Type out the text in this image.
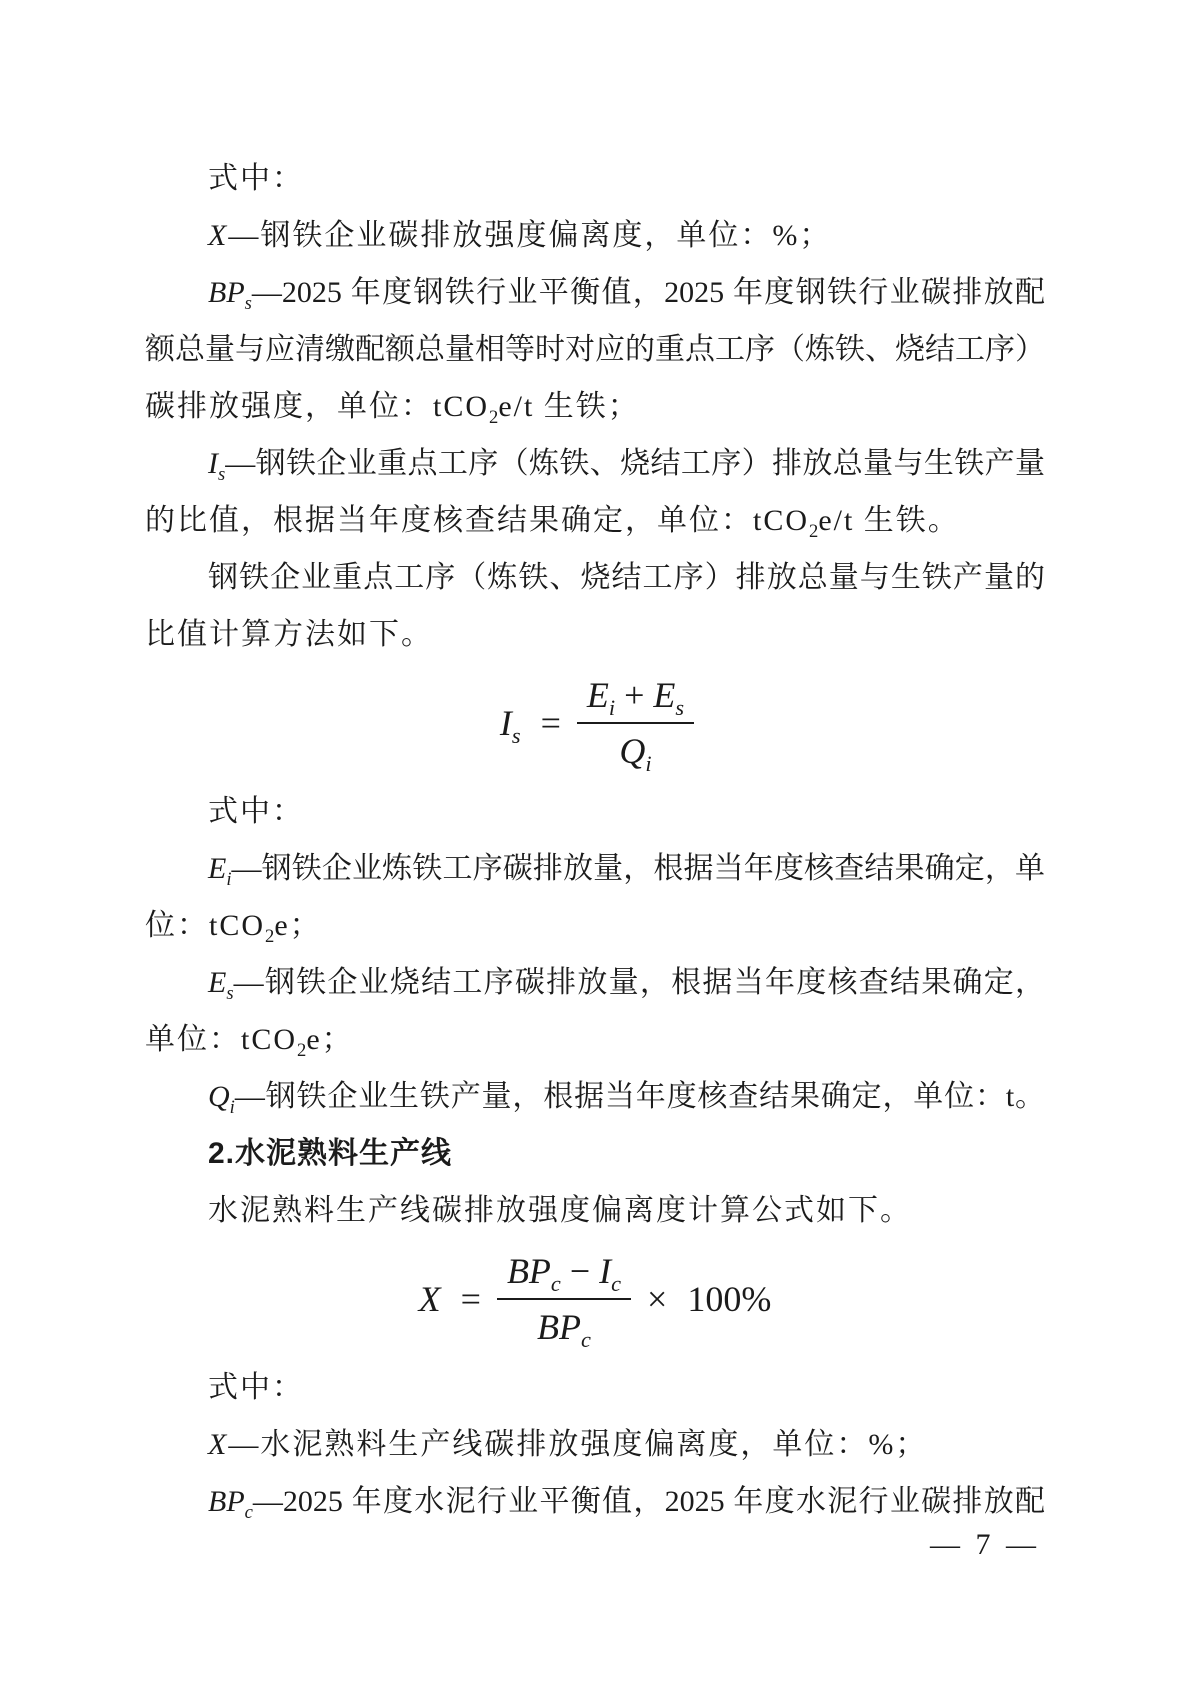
式中：
X—钢铁企业碳排放强度偏离度，单位：%；
$BP_s—2025$ 年度钢铁行业平衡值，2025 年度钢铁行业碳排放配
额总量与应清缴配额总量相等时对应的重点工序（炼铁、烧结工序）
碳排放强度，单位：tCO$_2$e/t 生铁；
$I_s—$钢铁企业重点工序（炼铁、烧结工序）排放总量与生铁产量
的比值，根据当年度核查结果确定，单位：tCO$_2$e/t 生铁。
钢铁企业重点工序（炼铁、烧结工序）排放总量与生铁产量的
比值计算方法如下。
$I_s = \frac{E_i + E_s}{Q_i}$
式中：
$E_i—$钢铁企业炼铁工序碳排放量，根据当年度核查结果确定，单
位：tCO$_2$e；
$E_s—$钢铁企业烧结工序碳排放量，根据当年度核查结果确定，
单位：tCO$_2$e；
$Q_i—$钢铁企业生铁产量，根据当年度核查结果确定，单位：t。
2.水泥熟料生产线
水泥熟料生产线碳排放强度偏离度计算公式如下。
$X = \frac{BP_c - I_c}{BP_c} \times 100\%$
式中：
X—水泥熟料生产线碳排放强度偏离度，单位：%；
$BP_c—2025$ 年度水泥行业平衡值，2025 年度水泥行业碳排放配
— 7 —
